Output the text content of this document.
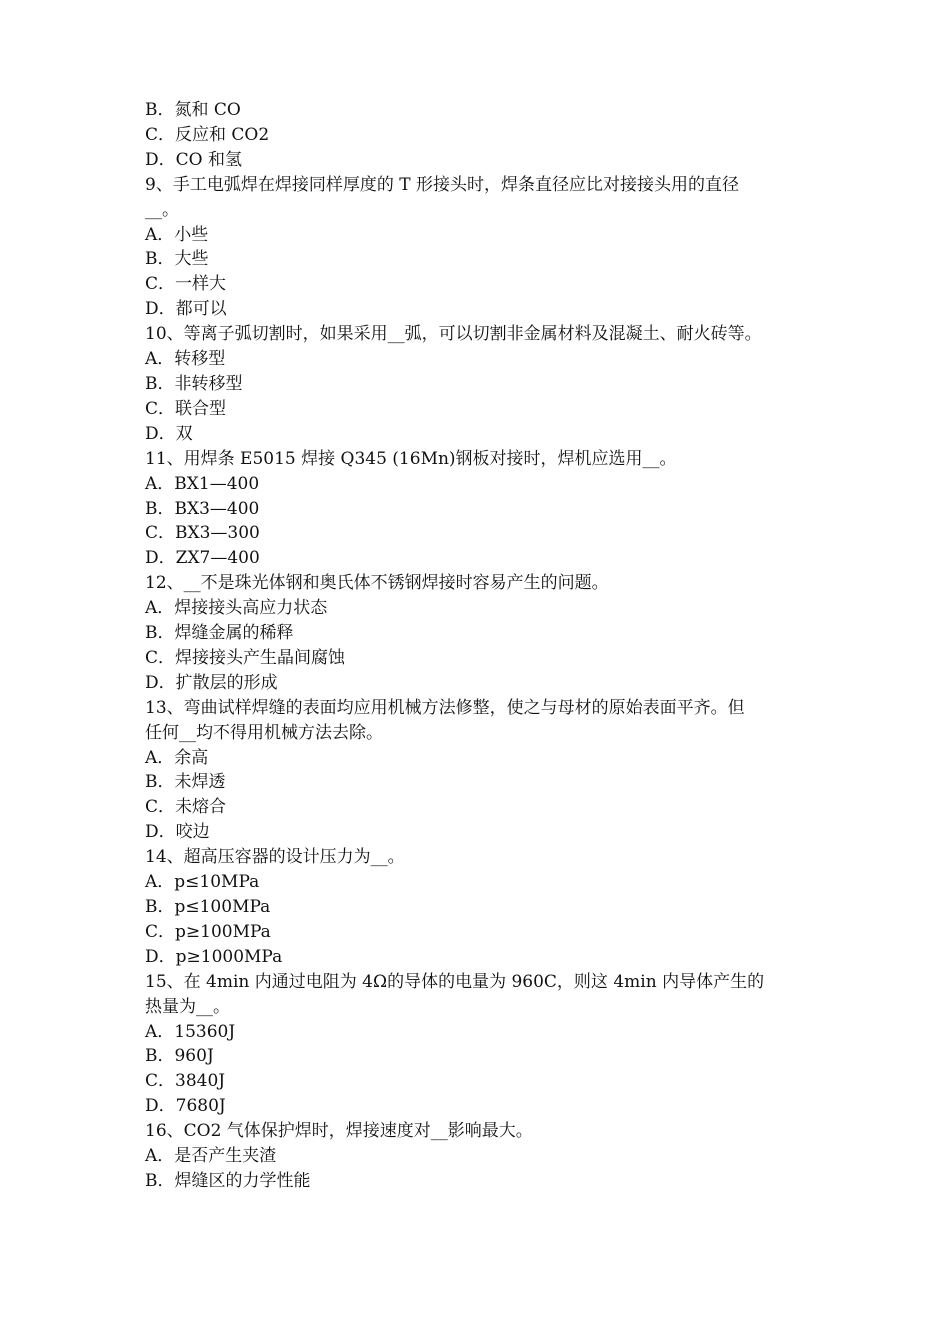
B．氮和 CO
C．反应和 CO2
D．CO 和氢
9、手工电弧焊在焊接同样厚度的 T 形接头时，焊条直径应比对接接头用的直径
__。
A．小些
B．大些
C．一样大
D．都可以
10、等离子弧切割时，如果采用__弧，可以切割非金属材料及混凝土、耐火砖等。
A．转移型
B．非转移型
C．联合型
D．双
11、用焊条 E5015 焊接 Q345 (16Mn)钢板对接时，焊机应选用__。
A．BX1—400
B．BX3—400
C．BX3—300
D．ZX7—400
12、__不是珠光体钢和奥氏体不锈钢焊接时容易产生的问题。
A．焊接接头高应力状态
B．焊缝金属的稀释
C．焊接接头产生晶间腐蚀
D．扩散层的形成
13、弯曲试样焊缝的表面均应用机械方法修整，使之与母材的原始表面平齐。但
任何__均不得用机械方法去除。
A．余高
B．未焊透
C．未熔合
D．咬边
14、超高压容器的设计压力为__。
A．p≤10MPa
B．p≤100MPa
C．p≥100MPa
D．p≥1000MPa
15、在 4min 内通过电阻为 4Ω的导体的电量为 960C，则这 4min 内导体产生的
热量为__。
A．15360J
B．960J
C．3840J
D．7680J
16、CO2 气体保护焊时，焊接速度对__影响最大。
A．是否产生夹渣
B．焊缝区的力学性能
